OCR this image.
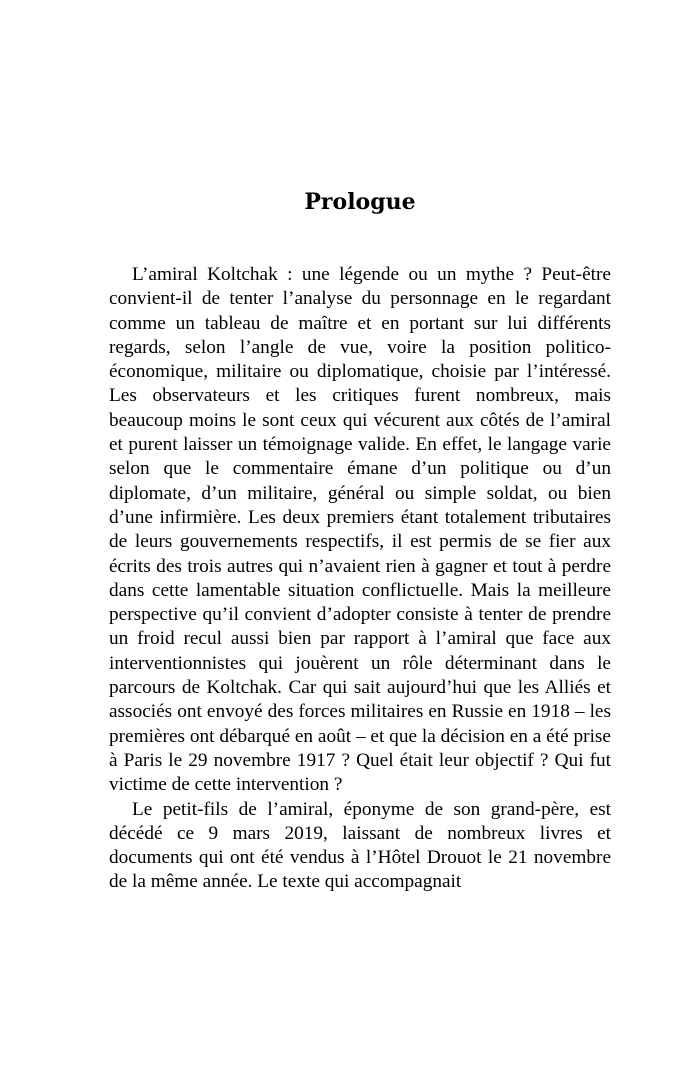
Prologue

L’amiral Koltchak : une légende ou un mythe ? Peut-être convient-il de tenter l’analyse du personnage en le regardant comme un tableau de maître et en portant sur lui différents regards, selon l’angle de vue, voire la position politico-économique, militaire ou diplomatique, choisie par l’intéressé. Les observateurs et les critiques furent nombreux, mais beaucoup moins le sont ceux qui vécurent aux côtés de l’amiral et purent laisser un témoignage valide. En effet, le langage varie selon que le commentaire émane d’un politique ou d’un diplomate, d’un militaire, général ou simple soldat, ou bien d’une infirmière. Les deux premiers étant totalement tributaires de leurs gouvernements respectifs, il est permis de se fier aux écrits des trois autres qui n’avaient rien à gagner et tout à perdre dans cette lamentable situation conflictuelle. Mais la meilleure perspective qu’il convient d’adopter consiste à tenter de prendre un froid recul aussi bien par rapport à l’amiral que face aux interventionnistes qui jouèrent un rôle déterminant dans le parcours de Koltchak. Car qui sait aujourd’hui que les Alliés et associés ont envoyé des forces militaires en Russie en 1918 – les premières ont débarqué en août – et que la décision en a été prise à Paris le 29 novembre 1917 ? Quel était leur objectif ? Qui fut victime de cette intervention ?

Le petit-fils de l’amiral, éponyme de son grand-père, est décédé ce 9 mars 2019, laissant de nombreux livres et documents qui ont été vendus à l’Hôtel Drouot le 21 novembre de la même année. Le texte qui accompagnait
